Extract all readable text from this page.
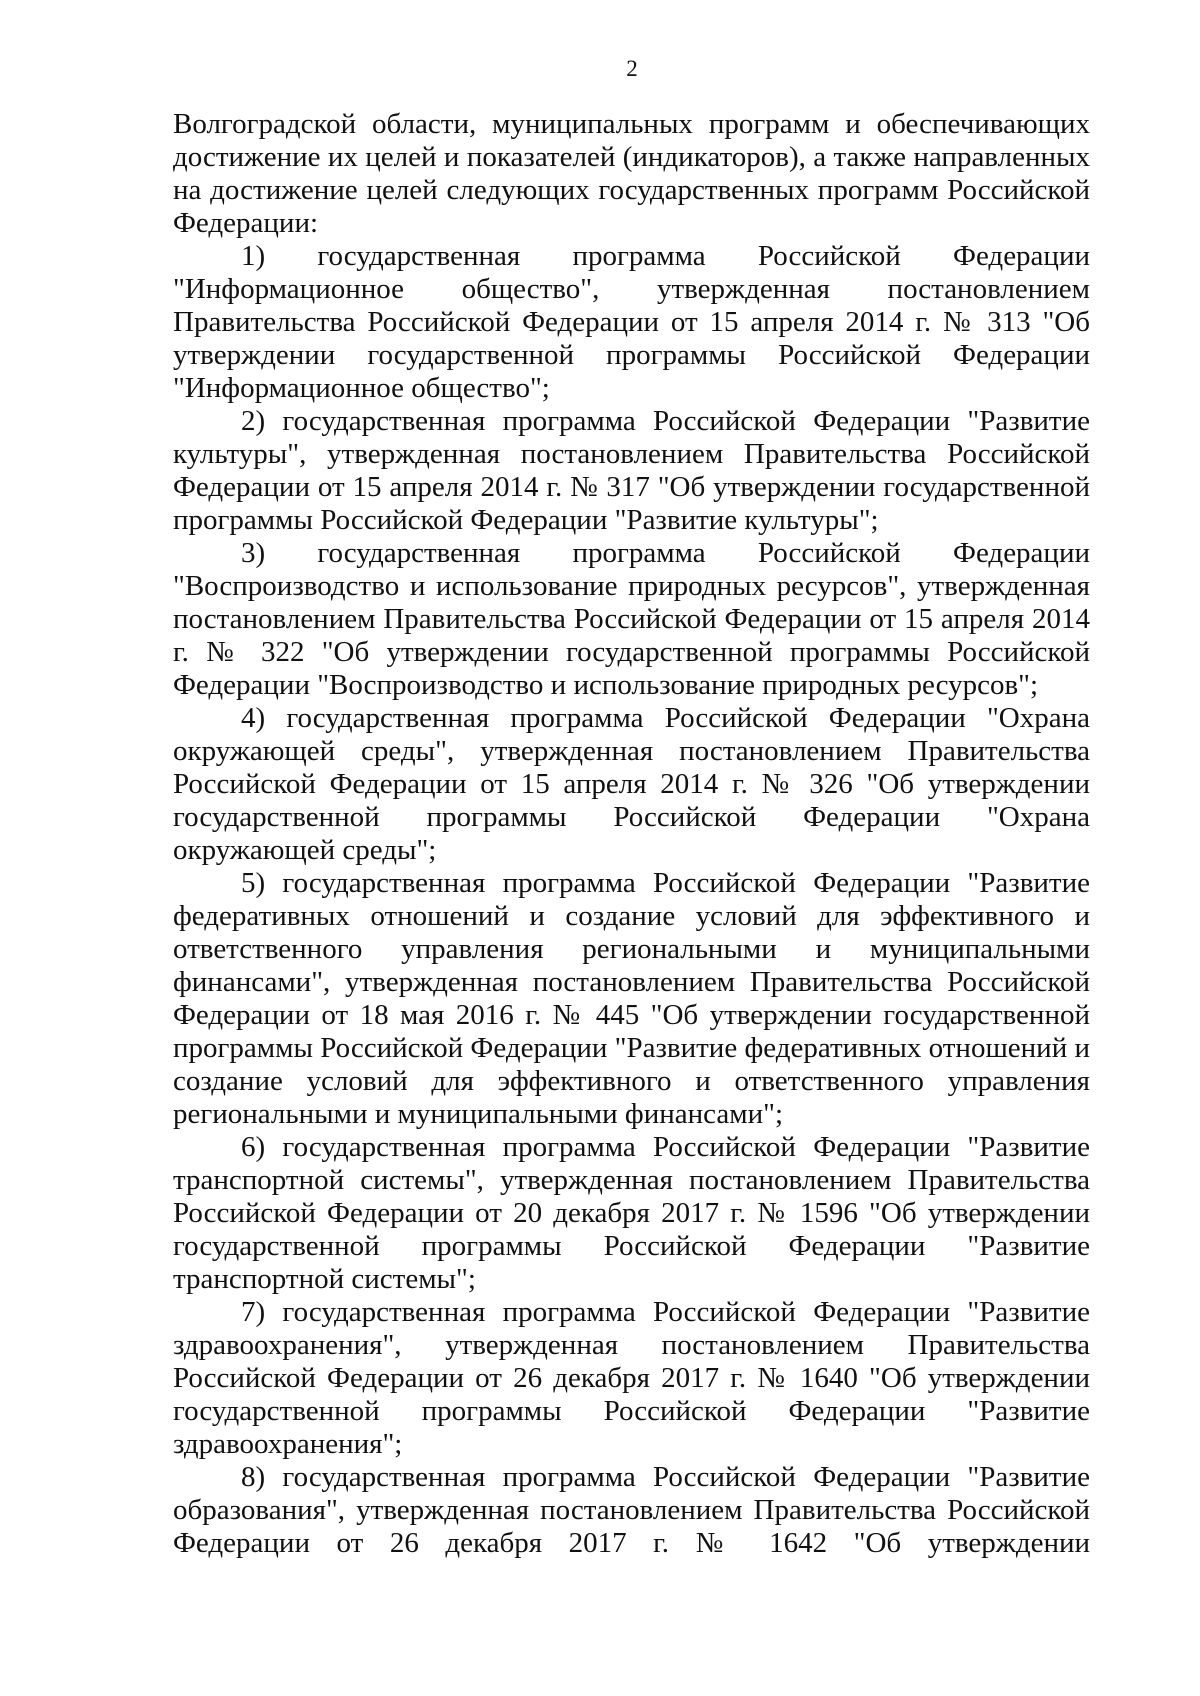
2

Волгоградской области, муниципальных программ и обеспечивающих достижение их целей и показателей (индикаторов), а также направленных на достижение целей следующих государственных программ Российской Федерации:

1) государственная программа Российской Федерации "Информационное общество", утвержденная постановлением Правительства Российской Федерации от 15 апреля 2014 г. № 313 "Об утверждении государственной программы Российской Федерации "Информационное общество";

2) государственная программа Российской Федерации "Развитие культуры", утвержденная постановлением Правительства Российской Федерации от 15 апреля 2014 г. № 317 "Об утверждении государственной программы Российской Федерации "Развитие культуры";

3) государственная программа Российской Федерации "Воспроизводство и использование природных ресурсов", утвержденная постановлением Правительства Российской Федерации от 15 апреля 2014 г. № 322 "Об утверждении государственной программы Российской Федерации "Воспроизводство и использование природных ресурсов";

4) государственная программа Российской Федерации "Охрана окружающей среды", утвержденная постановлением Правительства Российской Федерации от 15 апреля 2014 г. № 326 "Об утверждении государственной программы Российской Федерации "Охрана окружающей среды";

5) государственная программа Российской Федерации "Развитие федеративных отношений и создание условий для эффективного и ответственного управления региональными и муниципальными финансами", утвержденная постановлением Правительства Российской Федерации от 18 мая 2016 г. № 445 "Об утверждении государственной программы Российской Федерации "Развитие федеративных отношений и создание условий для эффективного и ответственного управления региональными и муниципальными финансами";

6) государственная программа Российской Федерации "Развитие транспортной системы", утвержденная постановлением Правительства Российской Федерации от 20 декабря 2017 г. № 1596 "Об утверждении государственной программы Российской Федерации "Развитие транспортной системы";

7) государственная программа Российской Федерации "Развитие здравоохранения", утвержденная постановлением Правительства Российской Федерации от 26 декабря 2017 г. № 1640 "Об утверждении государственной программы Российской Федерации "Развитие здравоохранения";

8) государственная программа Российской Федерации "Развитие образования", утвержденная постановлением Правительства Российской Федерации от 26 декабря 2017 г. № 1642 "Об утверждении
